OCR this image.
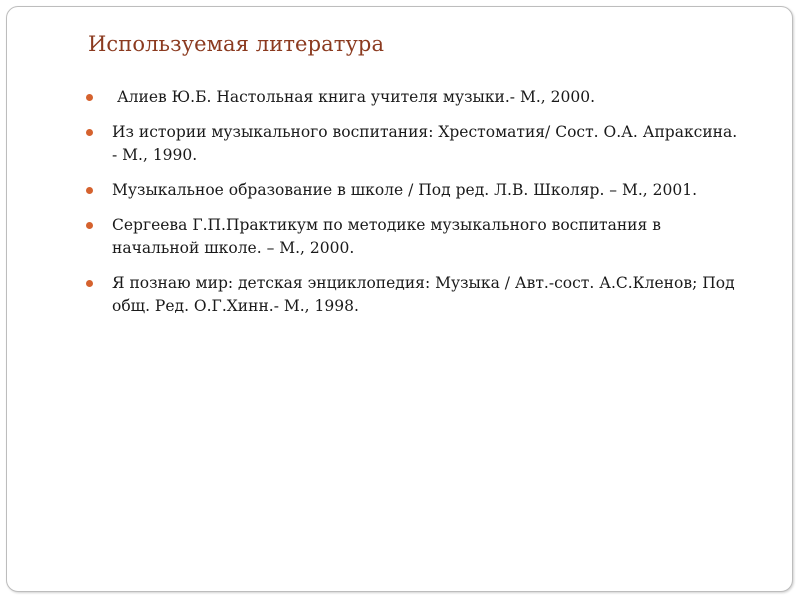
Используемая литература
Алиев Ю.Б. Настольная книга учителя музыки.- М., 2000.
Из истории музыкального воспитания: Хрестоматия/ Сост. О.А. Апраксина. - М., 1990.
Музыкальное образование в школе / Под ред. Л.В. Школяр. – М., 2001.
Сергеева Г.П.Практикум по методике музыкального воспитания в начальной школе. – М., 2000.
Я познаю мир: детская энциклопедия: Музыка / Авт.-сост. А.С.Кленов; Под общ. Ред. О.Г.Хинн.- М., 1998.
